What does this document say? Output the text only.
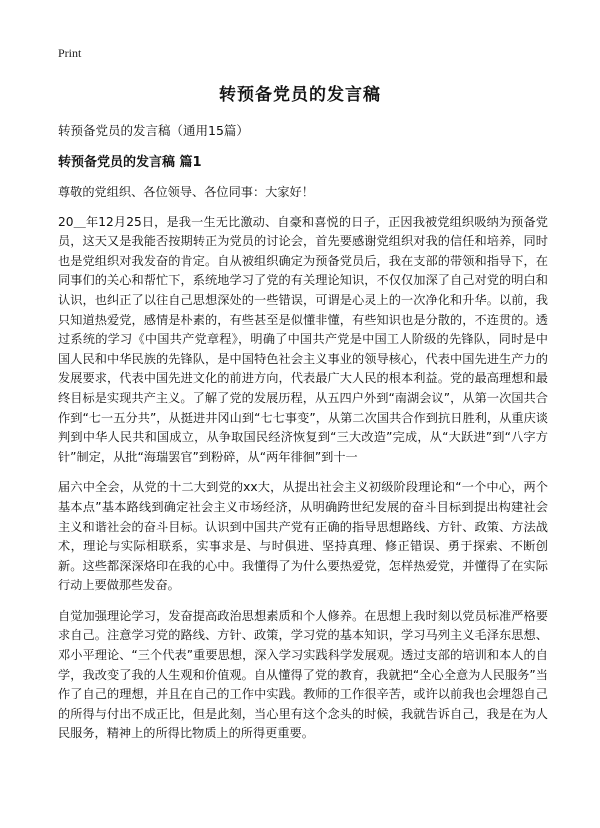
Print
转预备党员的发言稿
转预备党员的发言稿（通用15篇）
转预备党员的发言稿 篇1

尊敬的党组织、各位领导、各位同事：大家好！

20＿年12月25日，是我一生无比激动、自豪和喜悦的日子，正因我被党组织吸纳为预备党员，这天又是我能否按期转正为党员的讨论会，首先要感谢党组织对我的信任和培养，同时也是党组织对我发奋的肯定。自从被组织确定为预备党员后，我在支部的带领和指导下，在同事们的关心和帮忙下，系统地学习了党的有关理论知识，不仅仅加深了自己对党的明白和认识，也纠正了以往自己思想深处的一些错误，可谓是心灵上的一次净化和升华。以前，我只知道热爱党，感情是朴素的，有些甚至是似懂非懂，有些知识也是分散的，不连贯的。透过系统的学习《中国共产党章程》，明确了中国共产党是中国工人阶级的先锋队，同时是中国人民和中华民族的先锋队，是中国特色社会主义事业的领导核心，代表中国先进生产力的发展要求，代表中国先进文化的前进方向，代表最广大人民的根本利益。党的最高理想和最终目标是实现共产主义。了解了党的发展历程，从五四户外到“南湖会议”，从第一次国共合作到“七一五分共”，从挺进井冈山到“七七事变”，从第二次国共合作到抗日胜利，从重庆谈判到中华人民共和国成立，从争取国民经济恢复到“三大改造”完成，从“大跃进”到“八字方针”制定，从批“海瑞罢官”到粉碎，从“两年徘徊”到十一

届六中全会，从党的十二大到党的xx大，从提出社会主义初级阶段理论和“一个中心，两个基本点”基本路线到确定社会主义市场经济，从明确跨世纪发展的奋斗目标到提出构建社会主义和谐社会的奋斗目标。认识到中国共产党有正确的指导思想路线、方针、政策、方法战术，理论与实际相联系，实事求是、与时俱进、坚持真理、修正错误、勇于探索、不断创新。这些都深深烙印在我的心中。我懂得了为什么要热爱党，怎样热爱党，并懂得了在实际行动上要做那些发奋。

自觉加强理论学习，发奋提高政治思想素质和个人修养。在思想上我时刻以党员标准严格要求自己。注意学习党的路线、方针、政策，学习党的基本知识，学习马列主义毛泽东思想、邓小平理论、“三个代表”重要思想，深入学习实践科学发展观。透过支部的培训和本人的自学，我改变了我的人生观和价值观。自从懂得了党的教育，我就把“全心全意为人民服务”当作了自己的理想，并且在自己的工作中实践。教师的工作很辛苦，或许以前我也会埋怨自己的所得与付出不成正比，但是此刻，当心里有这个念头的时候，我就告诉自己，我是在为人民服务，精神上的所得比物质上的所得更重要。
